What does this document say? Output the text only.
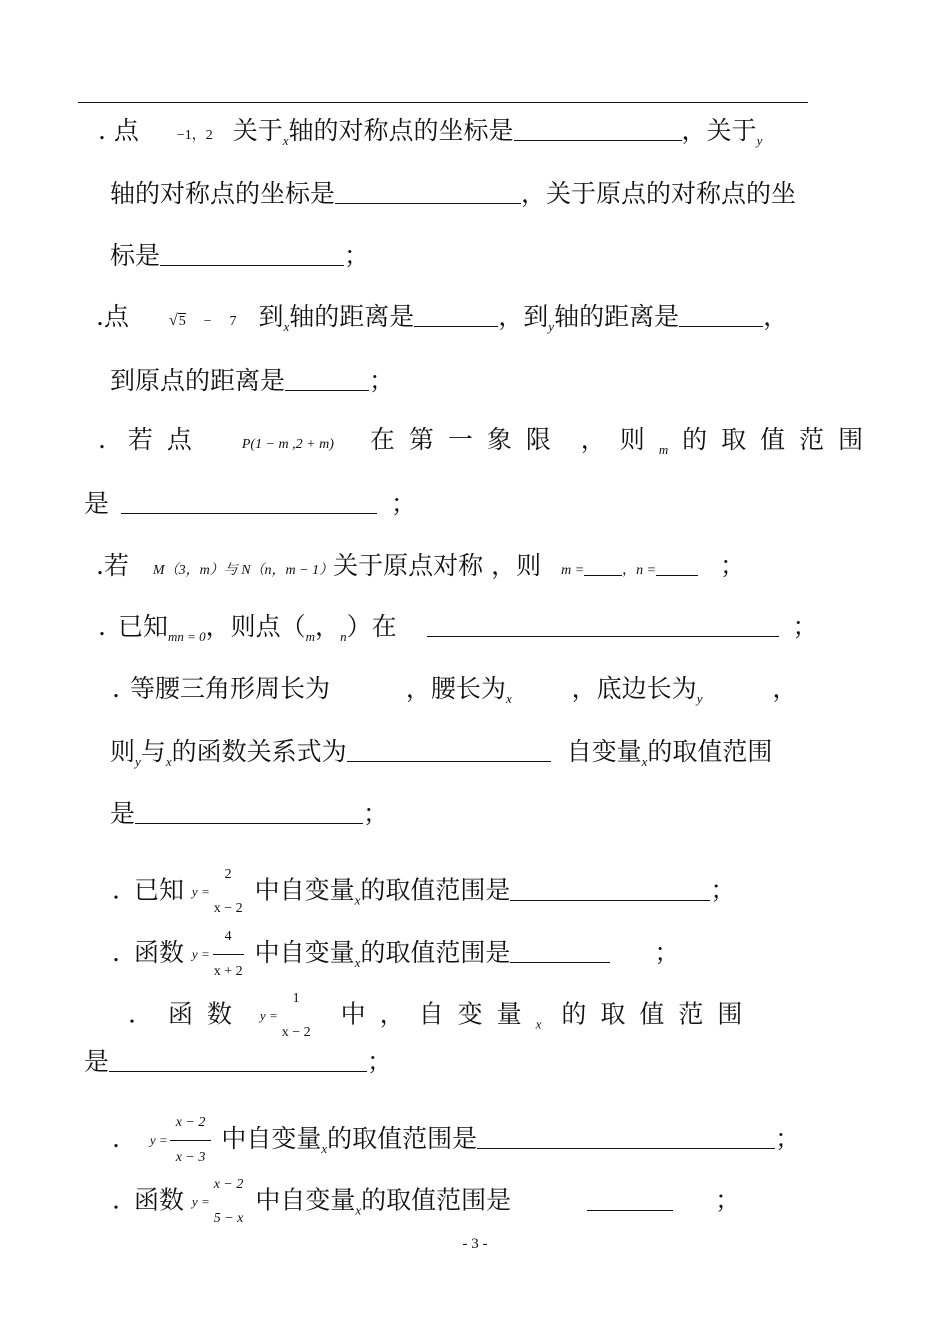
. 点	−1，2 关于$_x$轴的对称点的坐标是	，关于$_y$
轴的对称点的坐标是	，关于原点的对称点的坐
标是	；
.点 √5 − 7 到$_x$轴的距离是	，到$_y$轴的距离是	，
到原点的距离是	；
. 若点	P(1 − m ,2 + m) 在第一象限 ，则$_m$ 的取值范围
是	；
.若 M（3，m）与 N（n，m − 1）关于原点对称 ，则 m =	，n =	；
. 已知$_{mn = 0}$，则点（$_m$，$_n$）在	；
. 等腰三角形周长为	，腰长为$_x$ ，底边长为$_y$	，
则$_y$与$_x$的函数关系式为	自变量$_x$的取值范围
是	；
. 已知 y =
2
x − 2
中自变量$_x$的取值范围是	；
. 函数 $y = \frac{4}{x + 2}$ 中自变量$_x$的取值范围是	；
. 函数 y =
1
x − 2
中，自变量$_x$ 的取值范围
是	；
. $y = \frac{x - 2}{x - 3}$ 中自变量$_x$的取值范围是	；
. 函数 y =
x − 2
5 − x
中自变量$_x$的取值范围是	；
- 3 -
